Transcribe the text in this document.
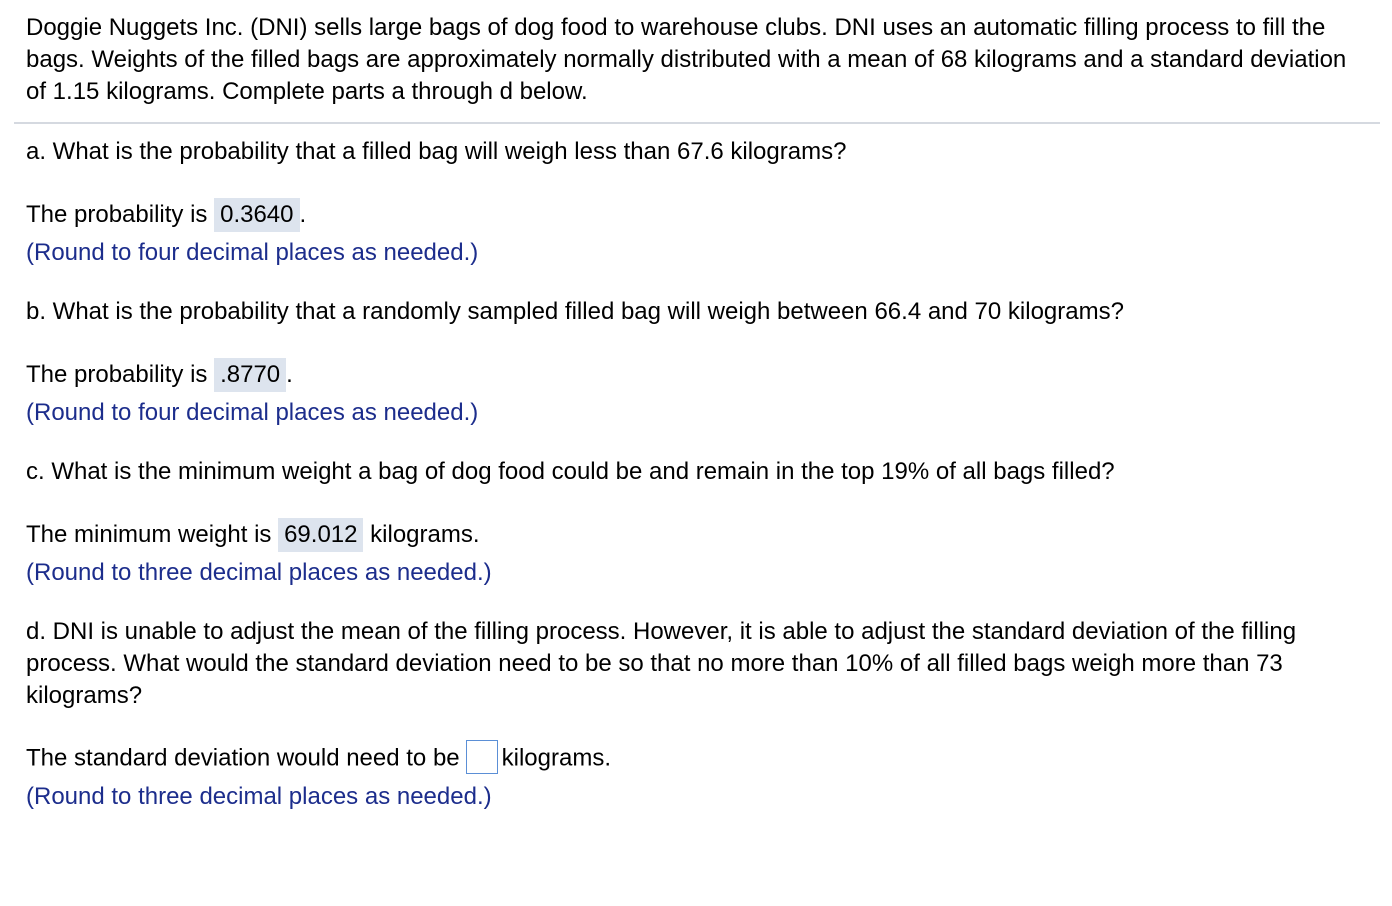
Doggie Nuggets Inc. (DNI) sells large bags of dog food to warehouse clubs. DNI uses an automatic filling process to fill the bags. Weights of the filled bags are approximately normally distributed with a mean of 68 kilograms and a standard deviation of 1.15 kilograms. Complete parts a through d below.

a. What is the probability that a filled bag will weigh less than 67.6 kilograms?

The probability is 0.3640 .

(Round to four decimal places as needed.)

b. What is the probability that a randomly sampled filled bag will weigh between 66.4 and 70 kilograms?

The probability is .8770 .

(Round to four decimal places as needed.)

c. What is the minimum weight a bag of dog food could be and remain in the top 19% of all bags filled?

The minimum weight is 69.012 kilograms.

(Round to three decimal places as needed.)

d. DNI is unable to adjust the mean of the filling process. However, it is able to adjust the standard deviation of the filling process. What would the standard deviation need to be so that no more than 10% of all filled bags weigh more than 73 kilograms?

The standard deviation would need to be kilograms.

(Round to three decimal places as needed.)
